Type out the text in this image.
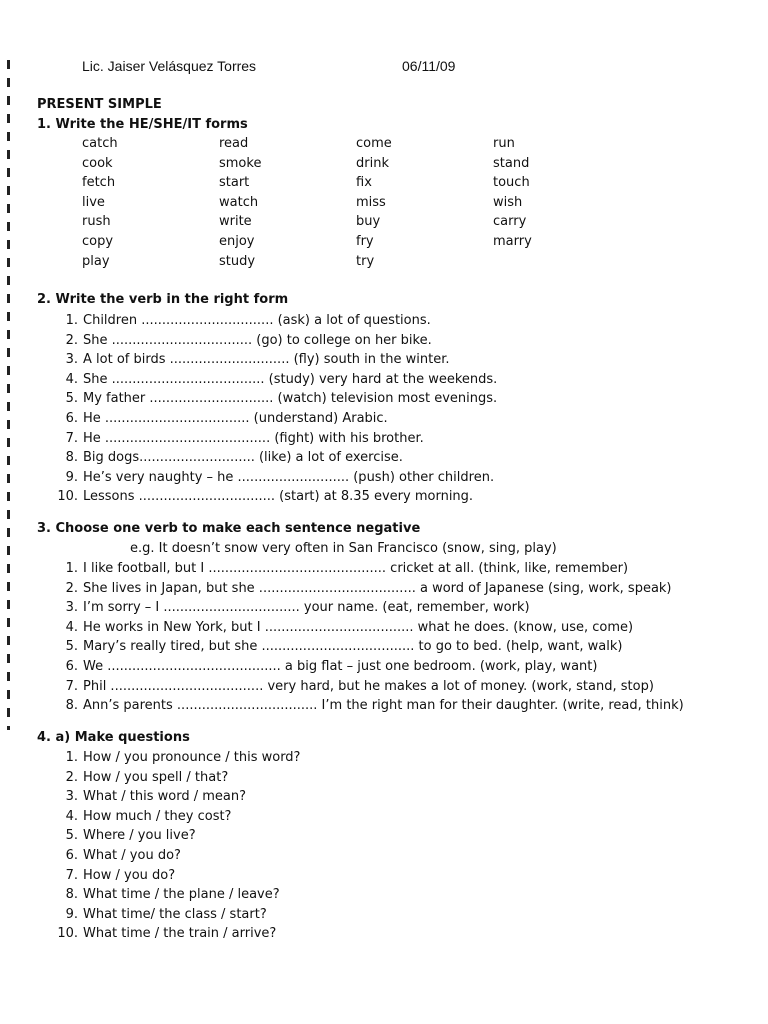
Lic. Jaiser Velásquez Torres	06/11/09
PRESENT SIMPLE
1. Write the HE/SHE/IT forms
catch
cook
fetch
live
rush
copy
play
read
smoke
start
watch
write
enjoy
study
come
drink
fix
miss
buy
fry
try
run
stand
touch
wish
carry
marry
2. Write the verb in the right form
1. Children ................................ (ask) a lot of questions.
2. She .................................. (go) to college on her bike.
3. A lot of birds ............................. (fly) south in the winter.
4. She ..................................... (study) very hard at the weekends.
5. My father .............................. (watch) television most evenings.
6. He ................................... (understand) Arabic.
7. He ........................................ (fight) with his brother.
8. Big dogs............................ (like) a lot of exercise.
9. He’s very naughty – he ........................... (push) other children.
10. Lessons ................................. (start) at 8.35 every morning.
3. Choose one verb to make each sentence negative
e.g. It doesn’t snow very often in San Francisco (snow, sing, play)
1. I like football, but I ........................................... cricket at all. (think, like, remember)
2. She lives in Japan, but she ...................................... a word of Japanese (sing, work, speak)
3. I’m sorry – I ................................. your name. (eat, remember, work)
4. He works in New York, but I .................................... what he does. (know, use, come)
5. Mary’s really tired, but she ..................................... to go to bed. (help, want, walk)
6. We .......................................... a big flat – just one bedroom. (work, play, want)
7. Phil ..................................... very hard, but he makes a lot of money. (work, stand, stop)
8. Ann’s parents .................................. I’m the right man for their daughter. (write, read, think)
4. a) Make questions
1. How / you pronounce / this word?
2. How / you spell / that?
3. What / this word / mean?
4. How much / they cost?
5. Where / you live?
6. What / you do?
7. How / you do?
8. What time / the plane / leave?
9. What time/ the class / start?
10. What time / the train / arrive?
